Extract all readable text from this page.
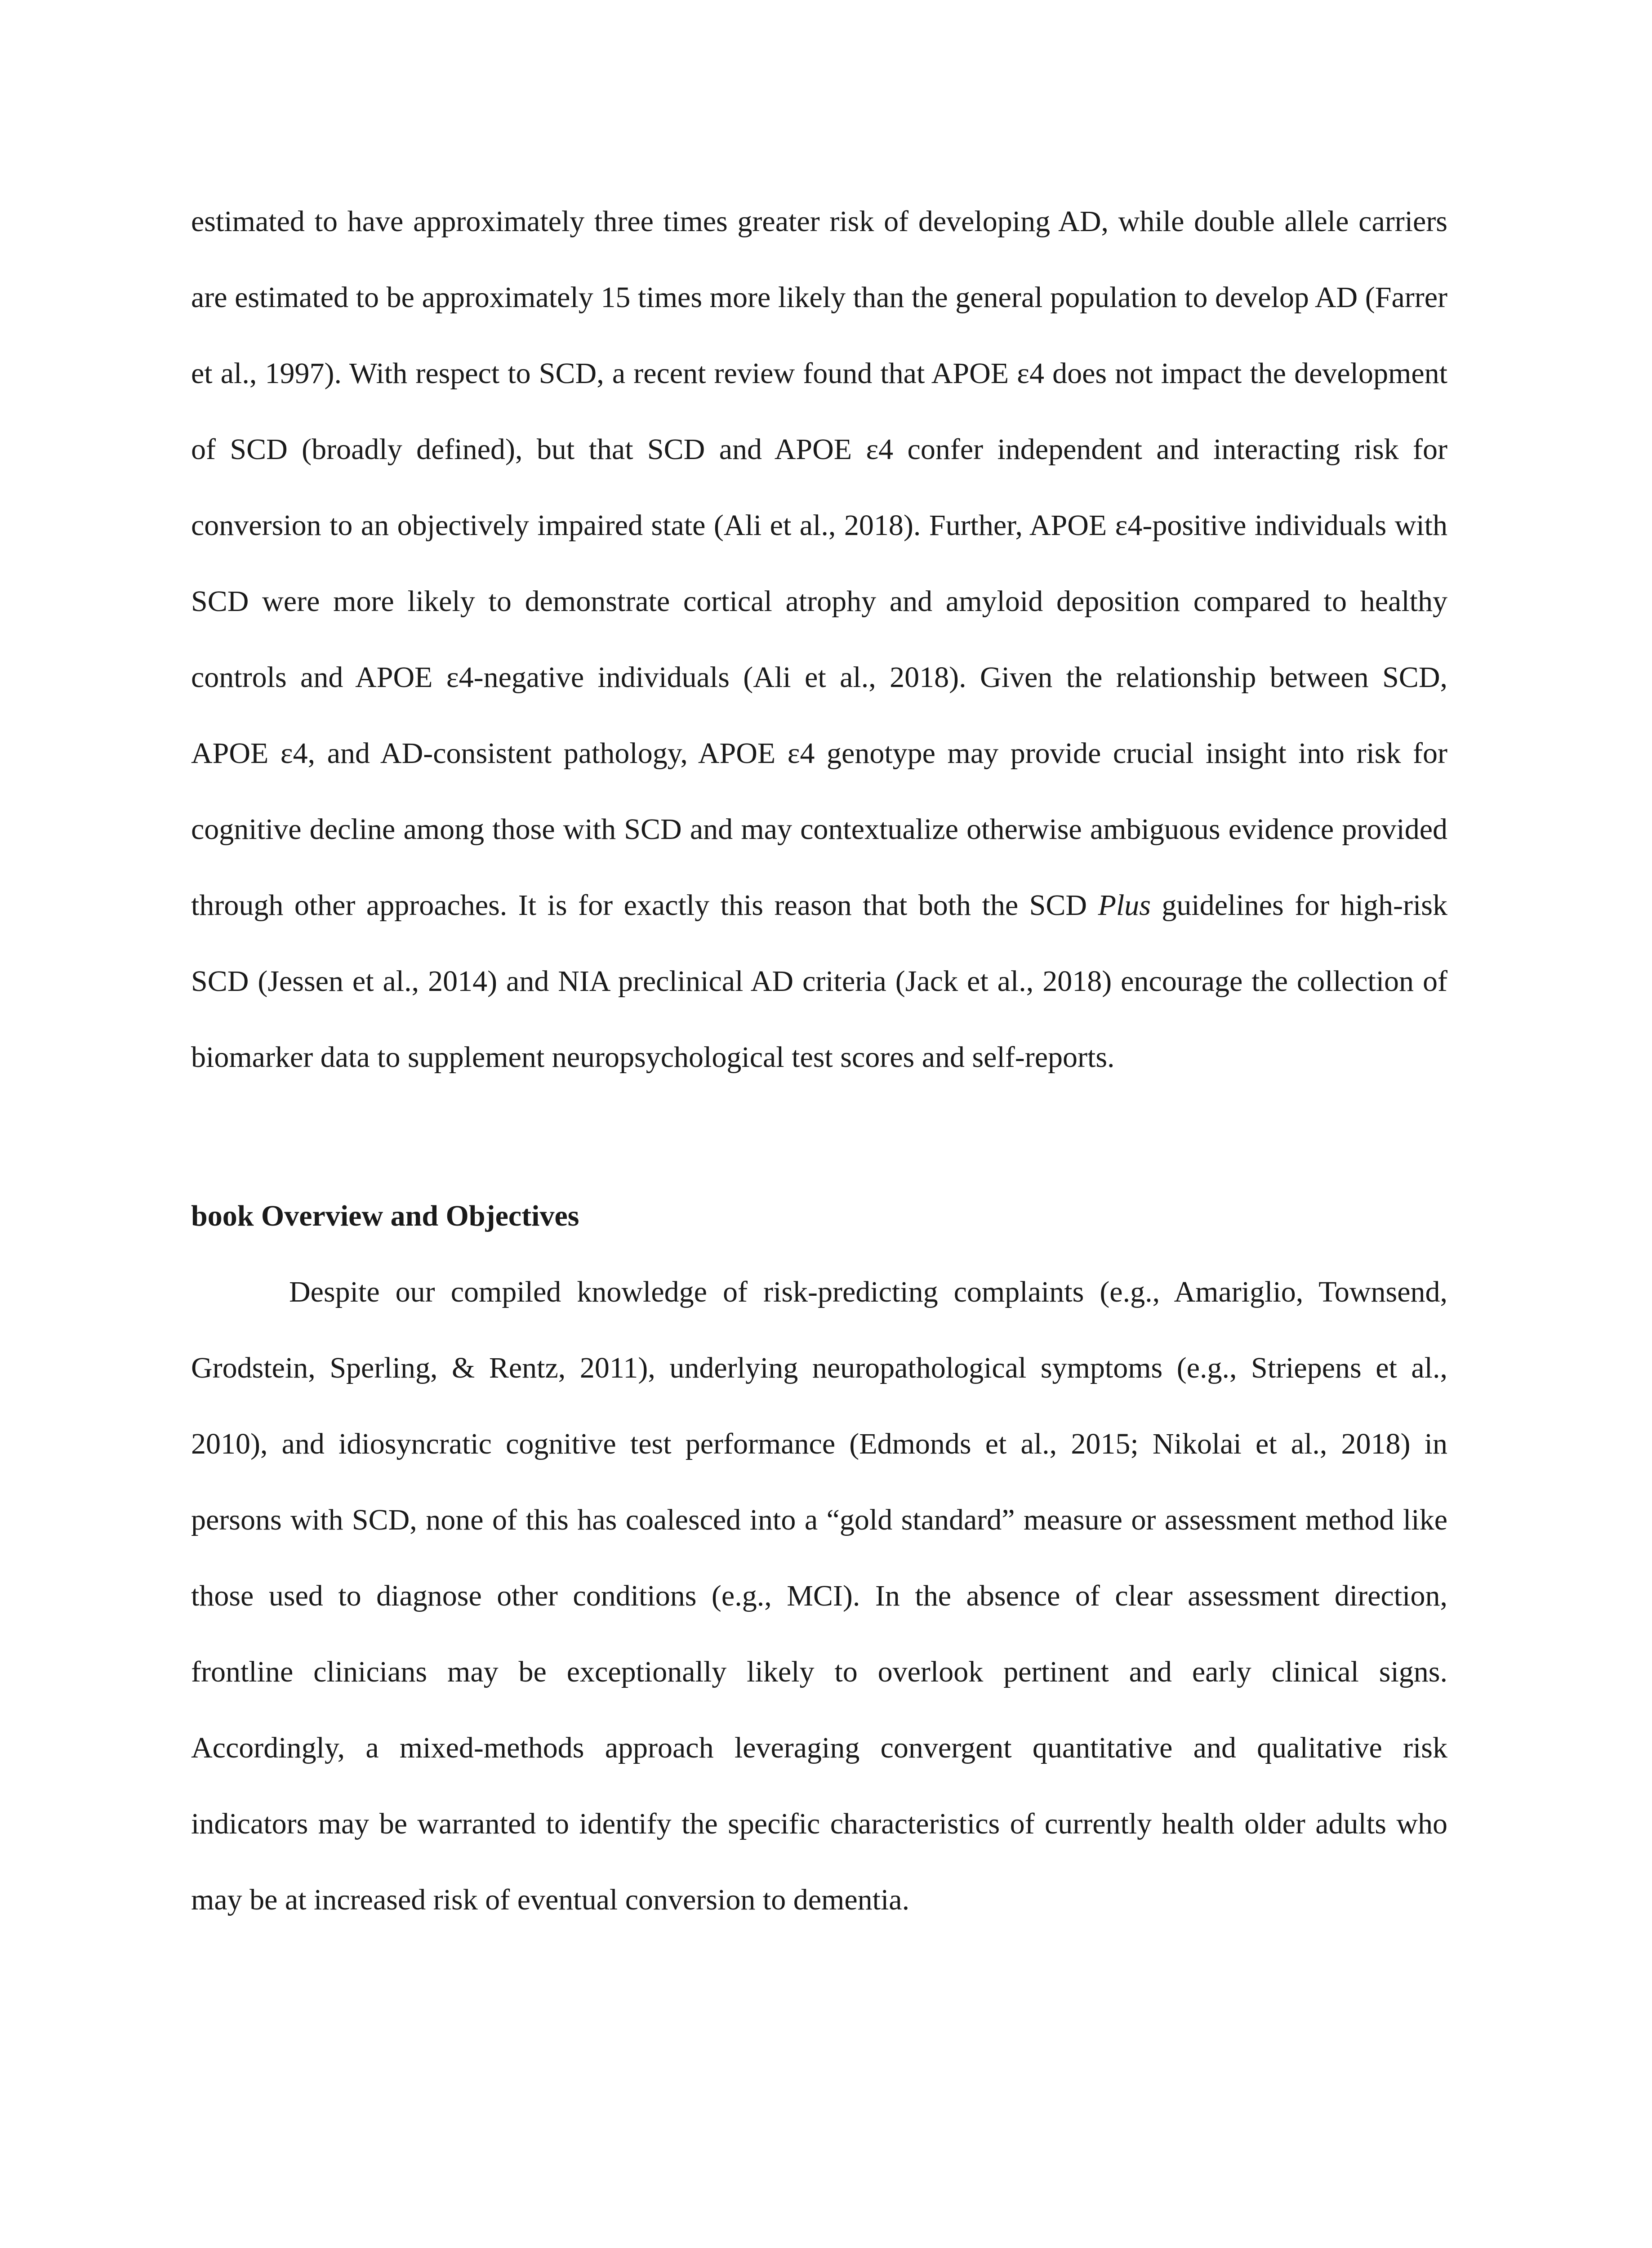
estimated to have approximately three times greater risk of developing AD, while double allele carriers are estimated to be approximately 15 times more likely than the general population to develop AD (Farrer et al., 1997). With respect to SCD, a recent review found that APOE ε4 does not impact the development of SCD (broadly defined), but that SCD and APOE ε4 confer independent and interacting risk for conversion to an objectively impaired state (Ali et al., 2018). Further, APOE ε4-positive individuals with SCD were more likely to demonstrate cortical atrophy and amyloid deposition compared to healthy controls and APOE ε4-negative individuals (Ali et al., 2018). Given the relationship between SCD, APOE ε4, and AD-consistent pathology, APOE ε4 genotype may provide crucial insight into risk for cognitive decline among those with SCD and may contextualize otherwise ambiguous evidence provided through other approaches. It is for exactly this reason that both the SCD Plus guidelines for high-risk SCD (Jessen et al., 2014) and NIA preclinical AD criteria (Jack et al., 2018) encourage the collection of biomarker data to supplement neuropsychological test scores and self-reports.

book Overview and Objectives

Despite our compiled knowledge of risk-predicting complaints (e.g., Amariglio, Townsend, Grodstein, Sperling, & Rentz, 2011), underlying neuropathological symptoms (e.g., Striepens et al., 2010), and idiosyncratic cognitive test performance (Edmonds et al., 2015; Nikolai et al., 2018) in persons with SCD, none of this has coalesced into a “gold standard” measure or assessment method like those used to diagnose other conditions (e.g., MCI). In the absence of clear assessment direction, frontline clinicians may be exceptionally likely to overlook pertinent and early clinical signs. Accordingly, a mixed-methods approach leveraging convergent quantitative and qualitative risk indicators may be warranted to identify the specific characteristics of currently health older adults who may be at increased risk of eventual conversion to dementia.
